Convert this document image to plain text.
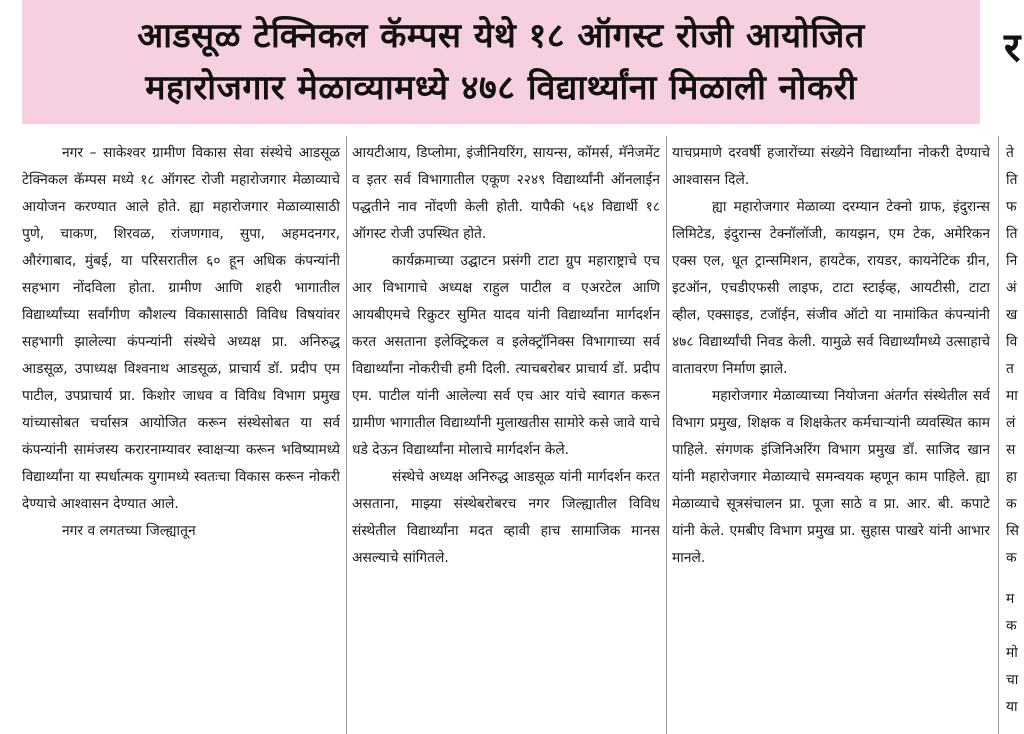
आडसूळ टेक्निकल कॅम्पस येथे १८ ऑगस्ट रोजी आयोजित
महारोजगार मेळाव्यामध्ये ४७८ विद्यार्थ्यांना मिळाली नोकरी
र

नगर – साकेश्वर ग्रामीण विकास सेवा संस्थेचे आडसूळ टेक्निकल कॅम्पस मध्ये १८ ऑगस्ट रोजी महारोजगार मेळाव्याचे आयोजन करण्यात आले होते. ह्या महारोजगार मेळाव्यासाठी पुणे, चाकण, शिरवळ, रांजणगाव, सुपा, अहमदनगर, औरंगाबाद, मुंबई, या परिसरातील ६० हून अधिक कंपन्यांनी सहभाग नोंदविला होता. ग्रामीण आणि शहरी भागातील विद्यार्थ्यांच्या सर्वांगीण कौशल्य विकासासाठी विविध विषयांवर सहभागी झालेल्या कंपन्यांनी संस्थेचे अध्यक्ष प्रा. अनिरुद्ध आडसूळ, उपाध्यक्ष विश्वनाथ आडसूळ, प्राचार्य डॉ. प्रदीप एम पाटील, उपप्राचार्य प्रा. किशोर जाधव व विविध विभाग प्रमुख यांच्यासोबत चर्चासत्र आयोजित करून संस्थेसोबत या सर्व कंपन्यांनी सामंजस्य करारनाम्यावर स्वाक्षऱ्या करून भविष्यामध्ये विद्यार्थ्यांना या स्पर्धात्मक युगामध्ये स्वतःचा विकास करून नोकरी देण्याचे आश्वासन देण्यात आले.

नगर व लगतच्या जिल्ह्यातून

आयटीआय, डिप्लोमा, इंजीनियरिंग, सायन्स, कॉमर्स, मॅनेजमेंट व इतर सर्व विभागातील एकूण २२४९ विद्यार्थ्यांनी ऑनलाईन पद्धतीने नाव नोंदणी केली होती. यापैकी ५६४ विद्यार्थी १८ ऑगस्ट रोजी उपस्थित होते.

कार्यक्रमाच्या उद्घाटन प्रसंगी टाटा ग्रुप महाराष्ट्राचे एच आर विभागाचे अध्यक्ष राहुल पाटील व एअरटेल आणि आयबीएमचे रिक्रुटर सुमित यादव यांनी विद्यार्थ्यांना मार्गदर्शन करत असताना इलेक्ट्रिकल व इलेक्ट्रॉनिक्स विभागाच्या सर्व विद्यार्थ्यांना नोकरीची हमी दिली. त्याचबरोबर प्राचार्य डॉ. प्रदीप एम. पाटील यांनी आलेल्या सर्व एच आर यांचे स्वागत करून ग्रामीण भागातील विद्यार्थ्यांनी मुलाखतीस सामोरे कसे जावे याचे धडे देऊन विद्यार्थ्यांना मोलाचे मार्गदर्शन केले.

संस्थेचे अध्यक्ष अनिरुद्ध आडसूळ यांनी मार्गदर्शन करत असताना, माझ्या संस्थेबरोबरच नगर जिल्ह्यातील विविध संस्थेतील विद्यार्थ्यांना मदत व्हावी हाच सामाजिक मानस असल्याचे सांगितले.

याचप्रमाणे दरवर्षी हजारोंच्या संख्येने विद्यार्थ्यांना नोकरी देण्याचे आश्वासन दिले.

ह्या महारोजगार मेळाव्या दरम्यान टेक्नो ग्राफ, इंदुरान्स लिमिटेड, इंदुरान्स टेक्नॉलॉजी, कायझन, एम टेक, अमेरिकन एक्स एल, धूत ट्रान्समिशन, हायटेक, रायडर, कायनेटिक ग्रीन, इटऑन, एचडीएफसी लाइफ, टाटा स्टाईव्ह, आयटीसी, टाटा व्हील, एक्साइड, टजॉईन, संजीव ऑटो या नामांकित कंपन्यांनी ४७८ विद्यार्थ्यांची निवड केली. यामुळे सर्व विद्यार्थ्यांमध्ये उत्साहाचे वातावरण निर्माण झाले.

महारोजगार मेळाव्याच्या नियोजना अंतर्गत संस्थेतील सर्व विभाग प्रमुख, शिक्षक व शिक्षकेतर कर्मचाऱ्यांनी व्यवस्थित काम पाहिले. संगणक इंजिनिअरिंग विभाग प्रमुख डॉ. साजिद खान यांनी महारोजगार मेळाव्याचे समन्वयक म्हणून काम पाहिले. ह्या मेळाव्याचे सूत्रसंचालन प्रा. पूजा साठे व प्रा. आर. बी. कपाटे यांनी केले. एमबीए विभाग प्रमुख प्रा. सुहास पाखरे यांनी आभार मानले.

ते
ति
फ
ति
नि
अं
ख
वि
त
मा
लं
स
हा
क
सि
क
म
क
मो
चा
या
